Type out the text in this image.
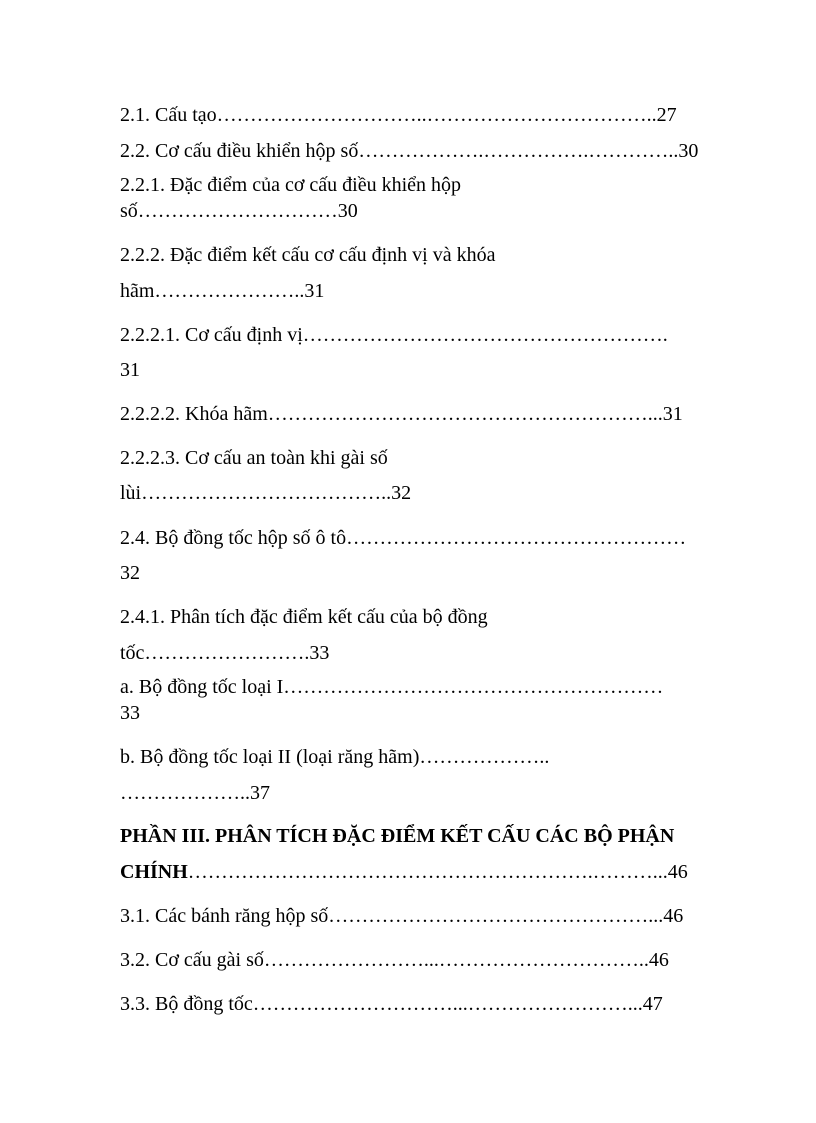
2.1. Cấu tạo…………………………..……………………………..27
2.2. Cơ cấu điều khiển hộp số……………….…………….…………..30
2.2.1. Đặc điểm của cơ cấu điều khiển hộp
số…………………………30
2.2.2. Đặc điểm kết cấu cơ cấu định vị và khóa
hãm…………………..31
2.2.2.1. Cơ cấu định vị……………………………………………….
31
2.2.2.2. Khóa hãm…………………………………………………...31
2.2.2.3. Cơ cấu an toàn khi gài số
lùi………………………………..32
2.4. Bộ đồng tốc hộp số ô tô……………………………………………
32
2.4.1. Phân tích đặc điểm kết cấu của bộ đồng
tốc…………………….33
a. Bộ đồng tốc loại I…………………………………………………
33
b. Bộ đồng tốc loại II (loại răng hãm)………………..
………………..37
PHẦN III. PHÂN TÍCH ĐẶC ĐIỂM KẾT CẤU CÁC BỘ PHẬN
CHÍNH…………………………………………………….………...46
3.1. Các bánh răng hộp số…………………………………………...46
3.2. Cơ cấu gài số……………………...…………………………..46
3.3. Bộ đồng tốc…………………………...……………………...47
